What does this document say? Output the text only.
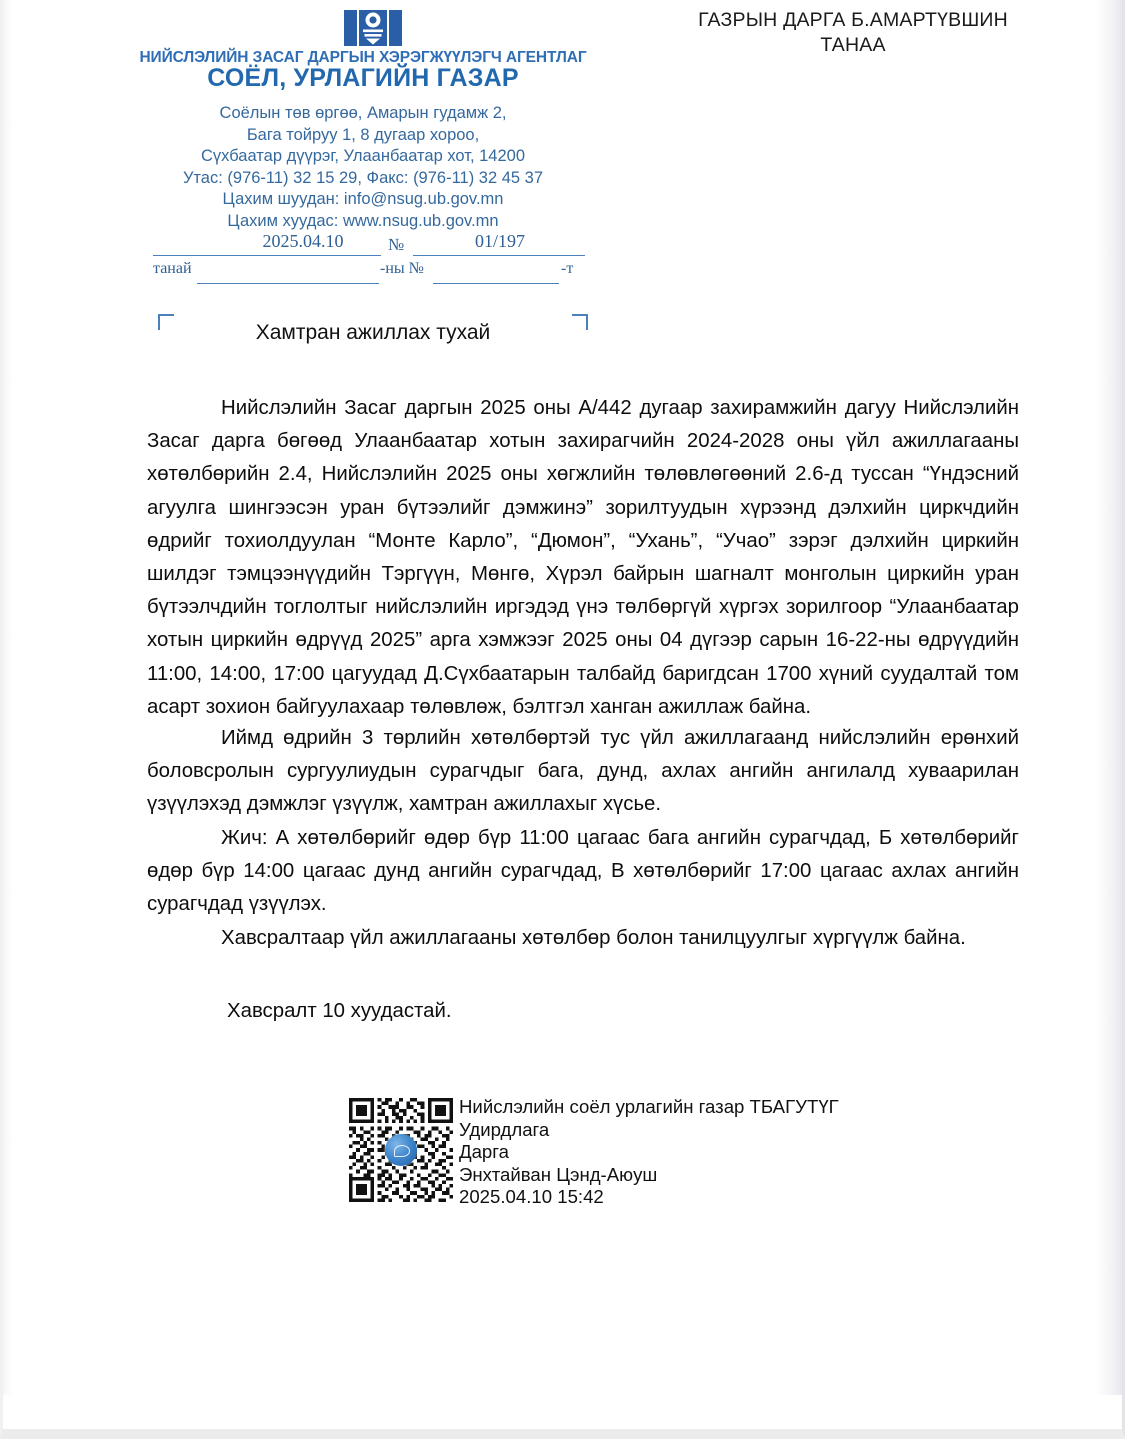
НИЙСЛЭЛИЙН ЗАСАГ ДАРГЫН ХЭРЭГЖҮҮЛЭГЧ АГЕНТЛАГ
СОЁЛ, УРЛАГИЙН ГАЗАР
Соёлын төв өргөө, Амарын гудамж 2,
Бага тойруу 1, 8 дугаар хороо,
Сүхбаатар дүүрэг, Улаанбаатар хот, 14200
Утас: (976-11) 32 15 29, Факс: (976-11) 32 45 37
Цахим шуудан: info@nsug.ub.gov.mn
Цахим хуудас: www.nsug.ub.gov.mn
ГАЗРЫН ДАРГА Б.АМАРТҮВШИН
ТАНАА
2025.04.10	№	01/197
танай	-ны №	-т
Хамтран ажиллах тухай

Нийслэлийн Засаг даргын 2025 оны А/442 дугаар захирамжийн дагуу Нийслэлийн Засаг дарга бөгөөд Улаанбаатар хотын захирагчийн 2024-2028 оны үйл ажиллагааны хөтөлбөрийн 2.4, Нийслэлийн 2025 оны хөгжлийн төлөвлөгөөний 2.6-д туссан “Үндэсний агуулга шингээсэн уран бүтээлийг дэмжинэ” зорилтуудын хүрээнд дэлхийн циркчдийн өдрийг тохиолдуулан “Монте Карло”, “Дюмон”, “Ухань”, “Учао” зэрэг дэлхийн циркийн шилдэг тэмцээнүүдийн Тэргүүн, Мөнгө, Хүрэл байрын шагналт монголын циркийн уран бүтээлчдийн тоглолтыг нийслэлийн иргэдэд үнэ төлбөргүй хүргэх зорилгоор “Улаанбаатар хотын циркийн өдрүүд 2025” арга хэмжээг 2025 оны 04 дүгээр сарын 16-22-ны өдрүүдийн 11:00, 14:00, 17:00 цагуудад Д.Сүхбаатарын талбайд баригдсан 1700 хүний суудалтай том асарт зохион байгуулахаар төлөвлөж, бэлтгэл ханган ажиллаж байна.

Иймд өдрийн 3 төрлийн хөтөлбөртэй тус үйл ажиллагаанд нийслэлийн ерөнхий боловсролын сургуулиудын сурагчдыг бага, дунд, ахлах ангийн ангилалд хуваарилан үзүүлэхэд дэмжлэг үзүүлж, хамтран ажиллахыг хүсье.

Жич: А хөтөлбөрийг өдөр бүр 11:00 цагаас бага ангийн сурагчдад, Б хөтөлбөрийг өдөр бүр 14:00 цагаас дунд ангийн сурагчдад, В хөтөлбөрийг 17:00 цагаас ахлах ангийн сурагчдад үзүүлэх.

Хавсралтаар үйл ажиллагааны хөтөлбөр болон танилцуулгыг хүргүүлж байна.

Хавсралт 10 хуудастай.

Нийслэлийн соёл урлагийн газар ТБАГУТҮГ
Удирдлага
Дарга
Энхтайван Цэнд-Аюуш
2025.04.10 15:42
